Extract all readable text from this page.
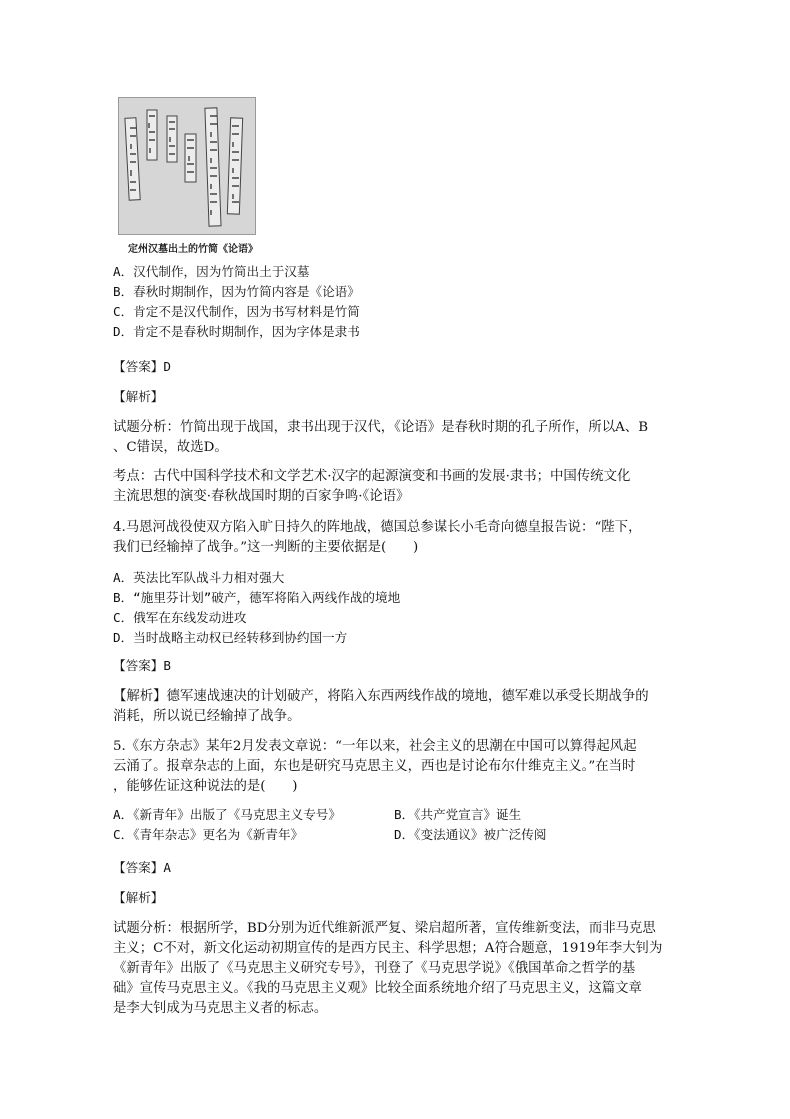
定州汉墓出土的竹简《论语》
A．汉代制作，因为竹简出土于汉墓
B．春秋时期制作，因为竹简内容是《论语》
C．肯定不是汉代制作，因为书写材料是竹简
D．肯定不是春秋时期制作，因为字体是隶书
【答案】D
【解析】
试题分析：竹简出现于战国，隶书出现于汉代，《论语》是春秋时期的孔子所作，所以A、B
、C错误，故选D。
考点：古代中国科学技术和文学艺术·汉字的起源演变和书画的发展·隶书；中国传统文化
主流思想的演变·春秋战国时期的百家争鸣·《论语》
4.马恩河战役使双方陷入旷日持久的阵地战，德国总参谋长小毛奇向德皇报告说：“陛下，
我们已经输掉了战争。”这一判断的主要依据是(　　)
A．英法比军队战斗力相对强大
B．“施里芬计划”破产，德军将陷入两线作战的境地
C．俄军在东线发动进攻
D．当时战略主动权已经转移到协约国一方
【答案】B
【解析】德军速战速决的计划破产，将陷入东西两线作战的境地，德军难以承受长期战争的
消耗，所以说已经输掉了战争。
5.《东方杂志》某年2月发表文章说：“一年以来，社会主义的思潮在中国可以算得起风起
云涌了。报章杂志的上面，东也是研究马克思主义，西也是讨论布尔什维克主义。”在当时
，能够佐证这种说法的是(　　)
A．《新青年》出版了《马克思主义专号》	B．《共产党宣言》诞生
C．《青年杂志》更名为《新青年》	D．《变法通议》被广泛传阅
【答案】A
【解析】
试题分析：根据所学，BD分别为近代维新派严复、梁启超所著，宣传维新变法，而非马克思
主义；C不对，新文化运动初期宣传的是西方民主、科学思想；A符合题意，1919年李大钊为
《新青年》出版了《马克思主义研究专号》，刊登了《马克思学说》《俄国革命之哲学的基
础》宣传马克思主义。《我的马克思主义观》比较全面系统地介绍了马克思主义，这篇文章
是李大钊成为马克思主义者的标志。
